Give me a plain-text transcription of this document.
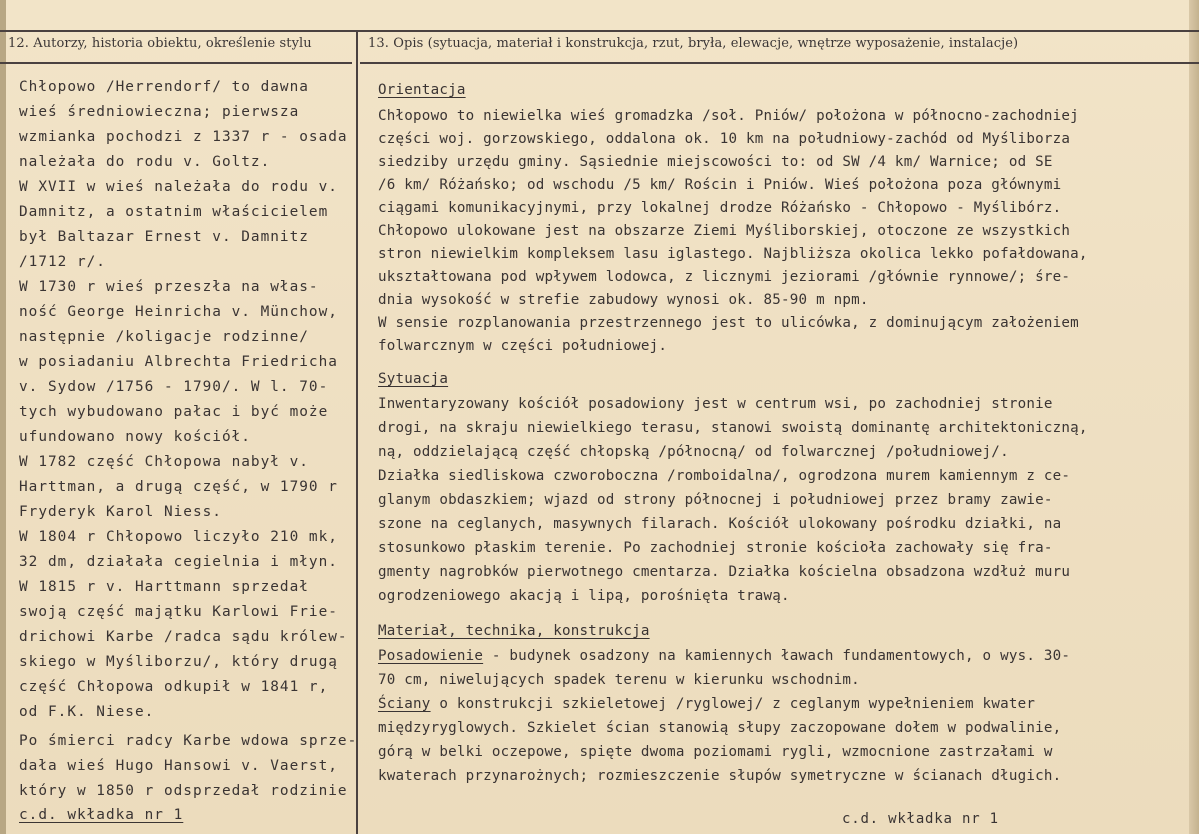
12. Autorzy, historia obiektu, określenie stylu	13. Opis (sytuacja, materiał i konstrukcja, rzut, bryła, elewacje, wnętrze wyposażenie, instalacje)
Chłopowo /Herrendorf/ to dawna
wieś średniowieczna; pierwsza
wzmianka pochodzi z 1337 r - osada
należała do rodu v. Goltz.
W XVII w wieś należała do rodu v.
Damnitz, a ostatnim właścicielem
był Baltazar Ernest v. Damnitz
/1712 r/.
W 1730 r wieś przeszła na włas-
ność George Heinricha v. Münchow,
następnie /koligacje rodzinne/
w posiadaniu Albrechta Friedricha
v. Sydow /1756 - 1790/. W l. 70-
tych wybudowano pałac i być może
ufundowano nowy kościół.
W 1782 część Chłopowa nabył v.
Harttman, a drugą część, w 1790 r
Fryderyk Karol Niess.
W 1804 r Chłopowo liczyło 210 mk,
32 dm, działała cegielnia i młyn.
W 1815 r v. Harttmann sprzedał
swoją część majątku Karlowi Frie-
drichowi Karbe /radca sądu królew-
skiego w Myśliborzu/, który drugą
część Chłopowa odkupił w 1841 r,
od F.K. Niese.
Po śmierci radcy Karbe wdowa sprze-
dała wieś Hugo Hansowi v. Vaerst,
który w 1850 r odsprzedał rodzinie
c.d. wkładka nr 1
Orientacja
Chłopowo to niewielka wieś gromadzka /soł. Pniów/ położona w północno-zachodniej
części woj. gorzowskiego, oddalona ok. 10 km na południowy-zachód od Myśliborza
siedziby urzędu gminy. Sąsiednie miejscowości to: od SW /4 km/ Warnice; od SE
/6 km/ Różańsko; od wschodu /5 km/ Rościn i Pniów. Wieś położona poza głównymi
ciągami komunikacyjnymi, przy lokalnej drodze Różańsko - Chłopowo - Myślibórz.
Chłopowo ulokowane jest na obszarze Ziemi Myśliborskiej, otoczone ze wszystkich
stron niewielkim kompleksem lasu iglastego. Najbliższa okolica lekko pofałdowana,
ukształtowana pod wpływem lodowca, z licznymi jeziorami /głównie rynnowe/; śre-
dnia wysokość w strefie zabudowy wynosi ok. 85-90 m npm.
W sensie rozplanowania przestrzennego jest to ulicówka, z dominującym założeniem
folwarcznym w części południowej.
Sytuacja
Inwentaryzowany kościół posadowiony jest w centrum wsi, po zachodniej stronie
drogi, na skraju niewielkiego terasu, stanowi swoistą dominantę architektoniczną,
ną, oddzielającą część chłopską /północną/ od folwarcznej /południowej/.
Działka siedliskowa czworoboczna /romboidalna/, ogrodzona murem kamiennym z ce-
glanym obdaszkiem; wjazd od strony północnej i południowej przez bramy zawie-
szone na ceglanych, masywnych filarach. Kościół ulokowany pośrodku działki, na
stosunkowo płaskim terenie. Po zachodniej stronie kościoła zachowały się fra-
gmenty nagrobków pierwotnego cmentarza. Działka kościelna obsadzona wzdłuż muru
ogrodzeniowego akacją i lipą, porośnięta trawą.
Materiał, technika, konstrukcja
Posadowienie - budynek osadzony na kamiennych ławach fundamentowych, o wys. 30-
70 cm, niwelujących spadek terenu w kierunku wschodnim.
Ściany o konstrukcji szkieletowej /ryglowej/ z ceglanym wypełnieniem kwater
międzyryglowych. Szkielet ścian stanowią słupy zaczopowane dołem w podwalinie,
górą w belki oczepowe, spięte dwoma poziomami rygli, wzmocnione zastrzałami w
kwaterach przynarożnych; rozmieszczenie słupów symetryczne w ścianach długich.
c.d. wkładka nr 1
